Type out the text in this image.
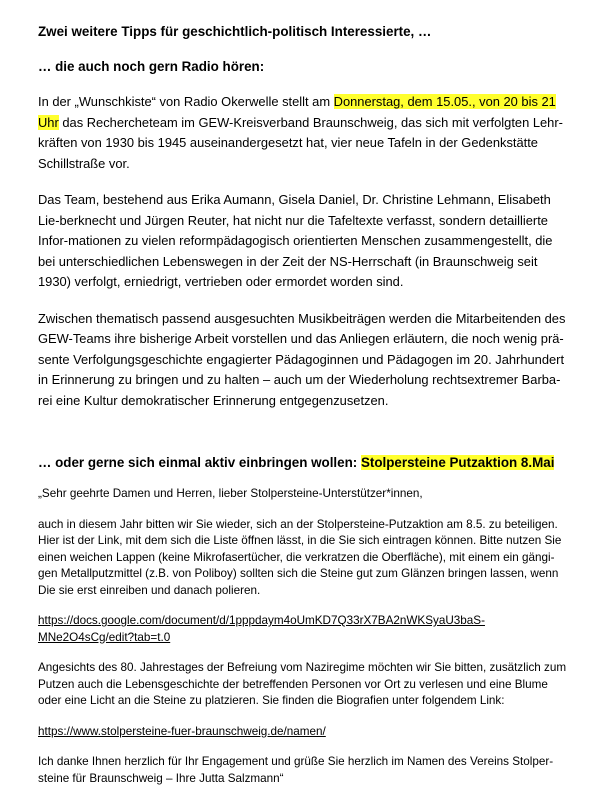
Zwei weitere Tipps für geschichtlich-politisch Interessierte, …

… die auch noch gern Radio hören:

In der „Wunschkiste“ von Radio Okerwelle stellt am Donnerstag, dem 15.05., von 20 bis 21
Uhr das Rechercheteam im GEW-Kreisverband Braunschweig, das sich mit verfolgten Lehr-kräften von 1930 bis 1945 auseinandergesetzt hat, vier neue Tafeln in der Gedenkstätte Schillstraße vor.

Das Team, bestehend aus Erika Aumann, Gisela Daniel, Dr. Christine Lehmann, Elisabeth Lie-berknecht und Jürgen Reuter, hat nicht nur die Tafeltexte verfasst, sondern detaillierte Infor-mationen zu vielen reformpädagogisch orientierten Menschen zusammengestellt, die bei unterschiedlichen Lebenswegen in der Zeit der NS-Herrschaft (in Braunschweig seit 1930) verfolgt, erniedrigt, vertrieben oder ermordet worden sind.

Zwischen thematisch passend ausgesuchten Musikbeiträgen werden die Mitarbeitenden des GEW-Teams ihre bisherige Arbeit vorstellen und das Anliegen erläutern, die noch wenig prä-sente Verfolgungsgeschichte engagierter Pädagoginnen und Pädagogen im 20. Jahrhundert in Erinnerung zu bringen und zu halten – auch um der Wiederholung rechtsextremer Barba-rei eine Kultur demokratischer Erinnerung entgegenzusetzen.

… oder gerne sich einmal aktiv einbringen wollen: Stolpersteine Putzaktion 8.Mai

„Sehr geehrte Damen und Herren, lieber Stolpersteine-Unterstützer*innen,

auch in diesem Jahr bitten wir Sie wieder, sich an der Stolpersteine-Putzaktion am 8.5. zu beteiligen. Hier ist der Link, mit dem sich die Liste öffnen lässt, in die Sie sich eintragen können. Bitte nutzen Sie einen weichen Lappen (keine Mikrofasertücher, die verkratzen die Oberfläche), mit einem ein gängi-gen Metallputzmittel (z.B. von Poliboy) sollten sich die Steine gut zum Glänzen bringen lassen, wenn Die sie erst einreiben und danach polieren.

https://docs.google.com/document/d/1pppdaym4oUmKD7Q33rX7BA2nWKSyaU3baS-
MNe2O4sCg/edit?tab=t.0

Angesichts des 80. Jahrestages der Befreiung vom Naziregime möchten wir Sie bitten, zusätzlich zum Putzen auch die Lebensgeschichte der betreffenden Personen vor Ort zu verlesen und eine Blume oder eine Licht an die Steine zu platzieren. Sie finden die Biografien unter folgendem Link:

https://www.stolpersteine-fuer-braunschweig.de/namen/

Ich danke Ihnen herzlich für Ihr Engagement und grüße Sie herzlich im Namen des Vereins Stolper-steine für Braunschweig – Ihre Jutta Salzmann“
